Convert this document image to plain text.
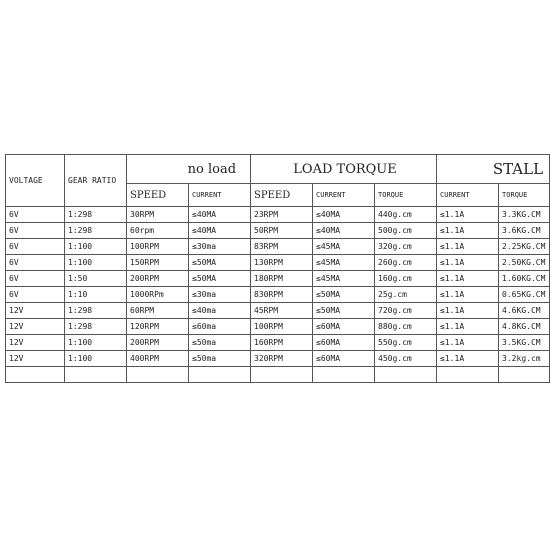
VOLTAGE	GEAR RATIO	no load		LOAD TORQUE			STALL	
		SPEED	CURRENT	SPEED	CURRENT	TORQUE	CURRENT	TORQUE
6V	1:298	30RPM	≤40MA	23RPM	≤40MA	440g.cm	≤1.1A	3.3KG.CM
6V	1:298	60rpm	≤40MA	50RPM	≤40MA	500g.cm	≤1.1A	3.6KG.CM
6V	1:100	100RPM	≤30ma	83RPM	≤45MA	320g.cm	≤1.1A	2.25KG.CM
6V	1:100	150RPM	≤50MA	130RPM	≤45MA	260g.cm	≤1.1A	2.50KG.CM
6V	1:50	200RPM	≤50MA	180RPM	≤45MA	160g.cm	≤1.1A	1.60KG.CM
6V	1:10	1000RPm	≤30ma	830RPM	≤50MA	25g.cm	≤1.1A	0.65KG.CM
12V	1:298	60RPM	≤40ma	45RPM	≤50MA	720g.cm	≤1.1A	4.6KG.CM
12V	1:298	120RPM	≤60ma	100RPM	≤60MA	880g.cm	≤1.1A	4.8KG.CM
12V	1:100	200RPM	≤50ma	160RPM	≤60MA	550g.cm	≤1.1A	3.5KG.CM
12V	1:100	400RPM	≤50ma	320RPM	≤60MA	450g.cm	≤1.1A	3.2kg.cm
